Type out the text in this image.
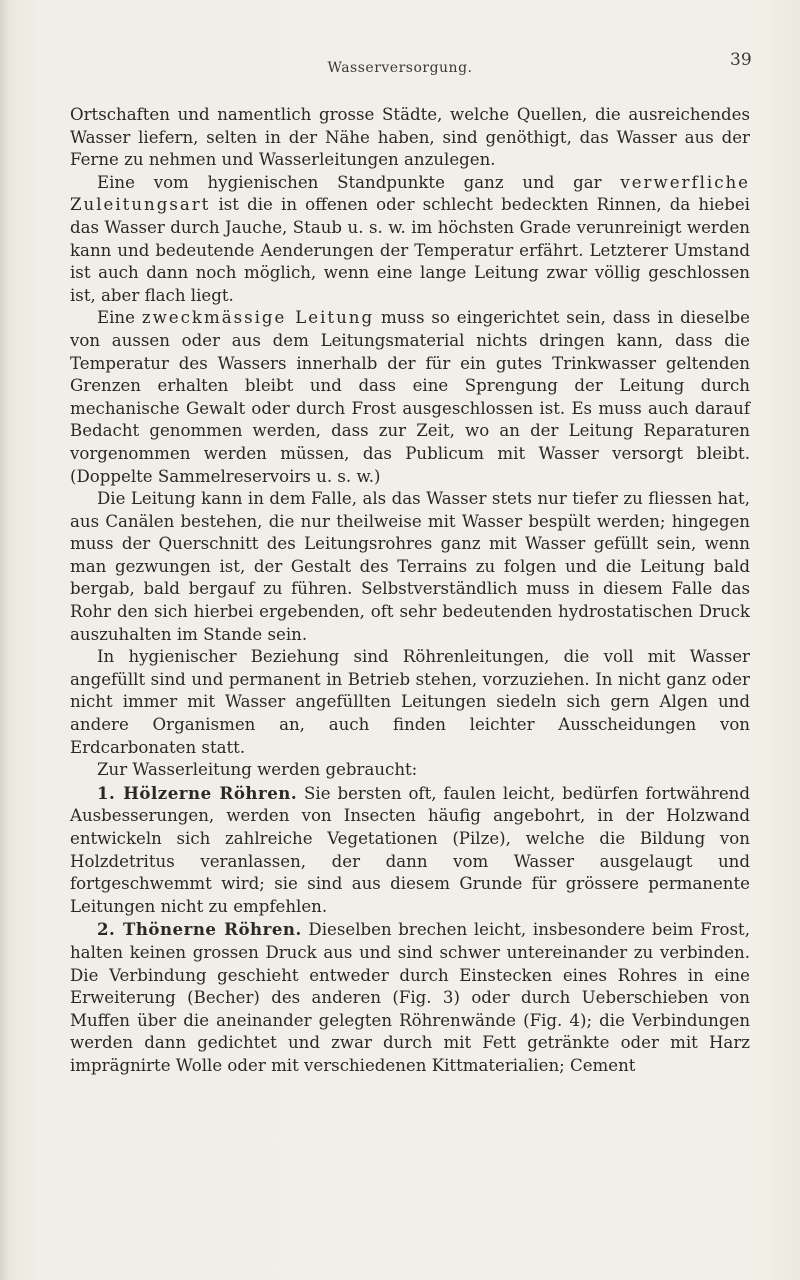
Wasserversorgung.	39

Ortschaften und namentlich grosse Städte, welche Quellen, die ausreichendes Wasser liefern, selten in der Nähe haben, sind genöthigt, das Wasser aus der Ferne zu nehmen und Wasserleitungen anzulegen.

Eine vom hygienischen Standpunkte ganz und gar verwerfliche Zuleitungsart ist die in offenen oder schlecht bedeckten Rinnen, da hiebei das Wasser durch Jauche, Staub u. s. w. im höchsten Grade verunreinigt werden kann und bedeutende Aenderungen der Temperatur erfährt. Letzterer Umstand ist auch dann noch möglich, wenn eine lange Leitung zwar völlig geschlossen ist, aber flach liegt.

Eine zweckmässige Leitung muss so eingerichtet sein, dass in dieselbe von aussen oder aus dem Leitungsmaterial nichts dringen kann, dass die Temperatur des Wassers innerhalb der für ein gutes Trinkwasser geltenden Grenzen erhalten bleibt und dass eine Sprengung der Leitung durch mechanische Gewalt oder durch Frost ausgeschlossen ist. Es muss auch darauf Bedacht genommen werden, dass zur Zeit, wo an der Leitung Reparaturen vorgenommen werden müssen, das Publicum mit Wasser versorgt bleibt. (Doppelte Sammelreservoirs u. s. w.)

Die Leitung kann in dem Falle, als das Wasser stets nur tiefer zu fliessen hat, aus Canälen bestehen, die nur theilweise mit Wasser bespült werden; hingegen muss der Querschnitt des Leitungsrohres ganz mit Wasser gefüllt sein, wenn man gezwungen ist, der Gestalt des Terrains zu folgen und die Leitung bald bergab, bald bergauf zu führen. Selbstverständlich muss in diesem Falle das Rohr den sich hierbei ergebenden, oft sehr bedeutenden hydrostatischen Druck auszuhalten im Stande sein.

In hygienischer Beziehung sind Röhrenleitungen, die voll mit Wasser angefüllt sind und permanent in Betrieb stehen, vorzuziehen. In nicht ganz oder nicht immer mit Wasser angefüllten Leitungen siedeln sich gern Algen und andere Organismen an, auch finden leichter Ausscheidungen von Erdcarbonaten statt.

Zur Wasserleitung werden gebraucht:

1. Hölzerne Röhren. Sie bersten oft, faulen leicht, bedürfen fortwährend Ausbesserungen, werden von Insecten häufig angebohrt, in der Holzwand entwickeln sich zahlreiche Vegetationen (Pilze), welche die Bildung von Holzdetritus veranlassen, der dann vom Wasser ausgelaugt und fortgeschwemmt wird; sie sind aus diesem Grunde für grössere permanente Leitungen nicht zu empfehlen.

2. Thönerne Röhren. Dieselben brechen leicht, insbesondere beim Frost, halten keinen grossen Druck aus und sind schwer untereinander zu verbinden. Die Verbindung geschieht entweder durch Einstecken eines Rohres in eine Erweiterung (Becher) des anderen (Fig. 3) oder durch Ueberschieben von Muffen über die aneinander gelegten Röhrenwände (Fig. 4); die Verbindungen werden dann gedichtet und zwar durch mit Fett getränkte oder mit Harz imprägnirte Wolle oder mit verschiedenen Kittmaterialien; Cement
